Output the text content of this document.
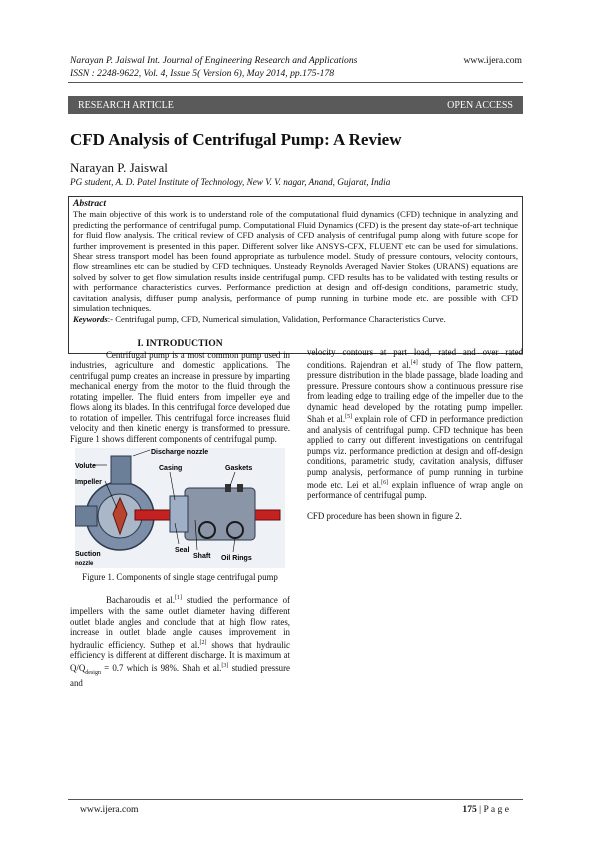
Narayan P. Jaiswal Int. Journal of Engineering Research and Applications
ISSN : 2248-9622, Vol. 4, Issue 5( Version 6), May 2014, pp.175-178
www.ijera.com
RESEARCH ARTICLE	OPEN ACCESS
CFD Analysis of Centrifugal Pump: A Review
Narayan P. Jaiswal
PG student, A. D. Patel Institute of Technology, New V. V. nagar, Anand, Gujarat, India
Abstract
The main objective of this work is to understand role of the computational fluid dynamics (CFD) technique in analyzing and predicting the performance of centrifugal pump. Computational Fluid Dynamics (CFD) is the present day state-of-art technique for fluid flow analysis. The critical review of CFD analysis of CFD analysis of centrifugal pump along with future scope for further improvement is presented in this paper. Different solver like ANSYS-CFX, FLUENT etc can be used for simulations. Shear stress transport model has been found appropriate as turbulence model. Study of pressure contours, velocity contours, flow streamlines etc can be studied by CFD techniques. Unsteady Reynolds Averaged Navier Stokes (URANS) equations are solved by solver to get flow simulation results inside centrifugal pump. CFD results has to be validated with testing results or with performance characteristics curves. Performance prediction at design and off-design conditions, parametric study, cavitation analysis, diffuser pump analysis, performance of pump running in turbine mode etc. are possible with CFD simulation techniques.
Keywords:- Centrifugal pump, CFD, Numerical simulation, Validation, Performance Characteristics Curve.

I. INTRODUCTION

Centrifugal pump is a most common pump used in industries, agriculture and domestic applications. The centrifugal pump creates an increase in pressure by imparting mechanical energy from the motor to the fluid through the rotating impeller. The fluid enters from impeller eye and flows along its blades. In this centrifugal force developed due to rotation of impeller. This centrifugal force increases fluid velocity and then kinetic energy is transformed to pressure. Figure 1 shows different components of centrifugal pump.

Discharge nozzle
Volute	Casing
Impeller
Gaskets
Seal
Shaft Oil Rings
Suction
nozzle

Figure 1. Components of single stage centrifugal pump

Bacharoudis et al.[1] studied the performance of impellers with the same outlet diameter having different outlet blade angles and conclude that at high flow rates, increase in outlet blade angle causes improvement in hydraulic efficiency. Suthep et al.[2] shows that hydraulic efficiency is different at different discharge. It is maximum at $Q/Q_{design} = 0.7$ which is 98%. Shah et al.[3] studied pressure and

velocity contours at part load, rated and over rated conditions. Rajendran et al.[4] study of The flow pattern, pressure distribution in the blade passage, blade loading and pressure. Pressure contours show a continuous pressure rise from leading edge to trailing edge of the impeller due to the dynamic head developed by the rotating pump impeller. Shah et al.[5] explain role of CFD in performance prediction and analysis of centrifugal pump. CFD technique has been applied to carry out different investigations on centrifugal pumps viz. performance prediction at design and off-design conditions, parametric study, cavitation analysis, diffuser pump analysis, performance of pump running in turbine mode etc. Lei et al.[6] explain influence of wrap angle on performance of centrifugal pump.

CFD procedure has been shown in figure 2.

www.ijera.com	175 | P a g e
